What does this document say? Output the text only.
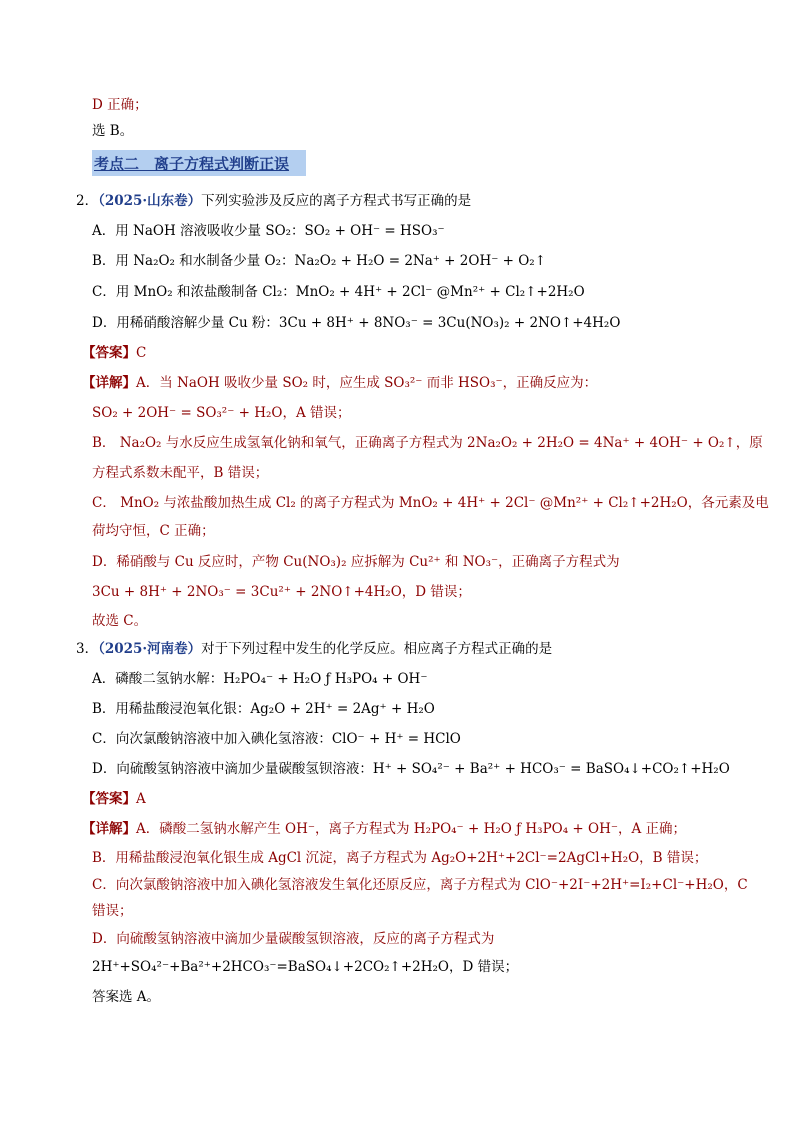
D 正确；
选 B。
考点二　离子方程式判断正误
2．（2025·山东卷）下列实验涉及反应的离子方程式书写正确的是
A．用 NaOH 溶液吸收少量 SO₂：SO₂ + OH⁻ = HSO₃⁻
B．用 Na₂O₂ 和水制备少量 O₂：Na₂O₂ + H₂O = 2Na⁺ + 2OH⁻ + O₂↑
C．用 MnO₂ 和浓盐酸制备 Cl₂：MnO₂ + 4H⁺ + 2Cl⁻ @Mn²⁺ + Cl₂↑+2H₂O
D．用稀硝酸溶解少量 Cu 粉：3Cu + 8H⁺ + 8NO₃⁻ = 3Cu(NO₃)₂ + 2NO↑+4H₂O
【答案】C
【详解】A．当 NaOH 吸收少量 SO₂ 时，应生成 SO₃²⁻ 而非 HSO₃⁻，正确反应为：
SO₂ + 2OH⁻ = SO₃²⁻ + H₂O，A 错误；
B． Na₂O₂ 与水反应生成氢氧化钠和氧气，正确离子方程式为 2Na₂O₂ + 2H₂O = 4Na⁺ + 4OH⁻ + O₂↑，原
方程式系数未配平，B 错误；
C． MnO₂ 与浓盐酸加热生成 Cl₂ 的离子方程式为 MnO₂ + 4H⁺ + 2Cl⁻ @Mn²⁺ + Cl₂↑+2H₂O，各元素及电
荷均守恒，C 正确；
D．稀硝酸与 Cu 反应时，产物 Cu(NO₃)₂ 应拆解为 Cu²⁺ 和 NO₃⁻，正确离子方程式为
3Cu + 8H⁺ + 2NO₃⁻ = 3Cu²⁺ + 2NO↑+4H₂O，D 错误；
故选 C。
3．（2025·河南卷）对于下列过程中发生的化学反应。相应离子方程式正确的是
A．磷酸二氢钠水解：H₂PO₄⁻ + H₂O ƒ H₃PO₄ + OH⁻
B．用稀盐酸浸泡氧化银：Ag₂O + 2H⁺ = 2Ag⁺ + H₂O
C．向次氯酸钠溶液中加入碘化氢溶液：ClO⁻ + H⁺ = HClO
D．向硫酸氢钠溶液中滴加少量碳酸氢钡溶液：H⁺ + SO₄²⁻ + Ba²⁺ + HCO₃⁻ = BaSO₄↓+CO₂↑+H₂O
【答案】A
【详解】A．磷酸二氢钠水解产生 OH⁻，离子方程式为 H₂PO₄⁻ + H₂O ƒ H₃PO₄ + OH⁻，A 正确；
B．用稀盐酸浸泡氧化银生成 AgCl 沉淀，离子方程式为 Ag₂O+2H⁺+2Cl⁻=2AgCl+H₂O，B 错误；
C．向次氯酸钠溶液中加入碘化氢溶液发生氧化还原反应，离子方程式为 ClO⁻+2I⁻+2H⁺=I₂+Cl⁻+H₂O，C
错误；
D．向硫酸氢钠溶液中滴加少量碳酸氢钡溶液，反应的离子方程式为
2H⁺+SO₄²⁻+Ba²⁺+2HCO₃⁻=BaSO₄↓+2CO₂↑+2H₂O，D 错误；
答案选 A。
